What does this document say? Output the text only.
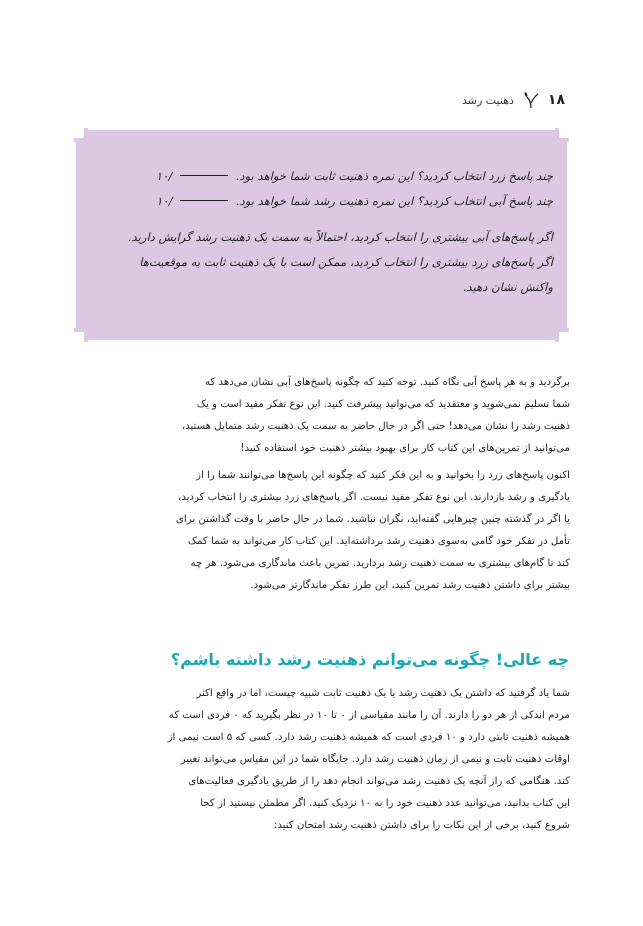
۱۸
ذهنیت رشد
چند پاسخ زرد انتخاب کردید؟ این نمره ذهنیت ثابت شما خواهد بود.  /۱۰
چند پاسخ آبی انتخاب کردید؟ این نمره ذهنیت رشد شما خواهد بود.  /۱۰
اگر پاسخ‌های آبی بیشتری را انتخاب کردید، احتمالاً به سمت یک ذهنیت رشد گرایش دارید.
اگر پاسخ‌های زرد بیشتری را انتخاب کردید، ممکن است با یک ذهنیت ثابت به موقعیت‌ها
واکنش نشان دهید.
برگردید و به هر پاسخ آبی نگاه کنید. توجه کنید که چگونه پاسخ‌های آبی نشان می‌دهد که
شما تسلیم نمی‌شوید و معتقدید که می‌توانید پیشرفت کنید. این نوع تفکر مفید است و یک
ذهنیت رشد را نشان می‌دهد! حتی اگر در حال حاضر به سمت یک ذهنیت رشد متمایل هستید،
می‌توانید از تمرین‌های این کتاب کار برای بهبود بیشتر ذهنیت خود استفاده کنید!
اکنون پاسخ‌های زرد را بخوانید و به این فکر کنید که چگونه این پاسخ‌ها می‌توانند شما را از
یادگیری و رشد بازدارند. این نوع تفکر مفید نیست. اگر پاسخ‌های زرد بیشتری را انتخاب کردید،
یا اگر در گذشته چنین چیزهایی گفته‌اید، نگران نباشید. شما در حال حاضر با وقت گذاشتن برای
تأمل در تفکر خود گامی به‌سوی ذهنیت رشد برداشته‌اید. این کتاب کار می‌تواند به شما کمک
کند تا گام‌های بیشتری به سمت ذهنیت رشد بردارید. تمرین باعث ماندگاری می‌شود. هر چه
بیشتر برای داشتن ذهنیت رشد تمرین کنید، این طرز تفکر ماندگارتر می‌شود.
چه عالی! چگونه می‌توانم ذهنیت رشد داشته باشم؟
شما یاد گرفتید که داشتن یک ذهنیت رشد یا یک ذهنیت ثابت شبیه چیست، اما در واقع اکثر
مردم اندکی از هر دو را دارند. آن را مانند مقیاسی از ۰ تا ۱۰ در نظر بگیرید که ۰ فردی است که
همیشه ذهنیت ثابتی دارد و ۱۰ فردی است که همیشه ذهنیت رشد دارد. کسی که ۵ است نیمی از
اوقات ذهنیت ثابت و نیمی از زمان ذهنیت رشد دارد. جایگاه شما در این مقیاس می‌تواند تغییر
کند. هنگامی که راز آنچه یک ذهنیت رشد می‌تواند انجام دهد را از طریق یادگیری فعالیت‌های
این کتاب بدانید، می‌توانید عدد ذهنیت خود را به ۱۰ نزدیک کنید. اگر مطمئن نیستید از کجا
شروع کنید، برخی از این نکات را برای داشتن ذهنیت رشد امتحان کنید:
